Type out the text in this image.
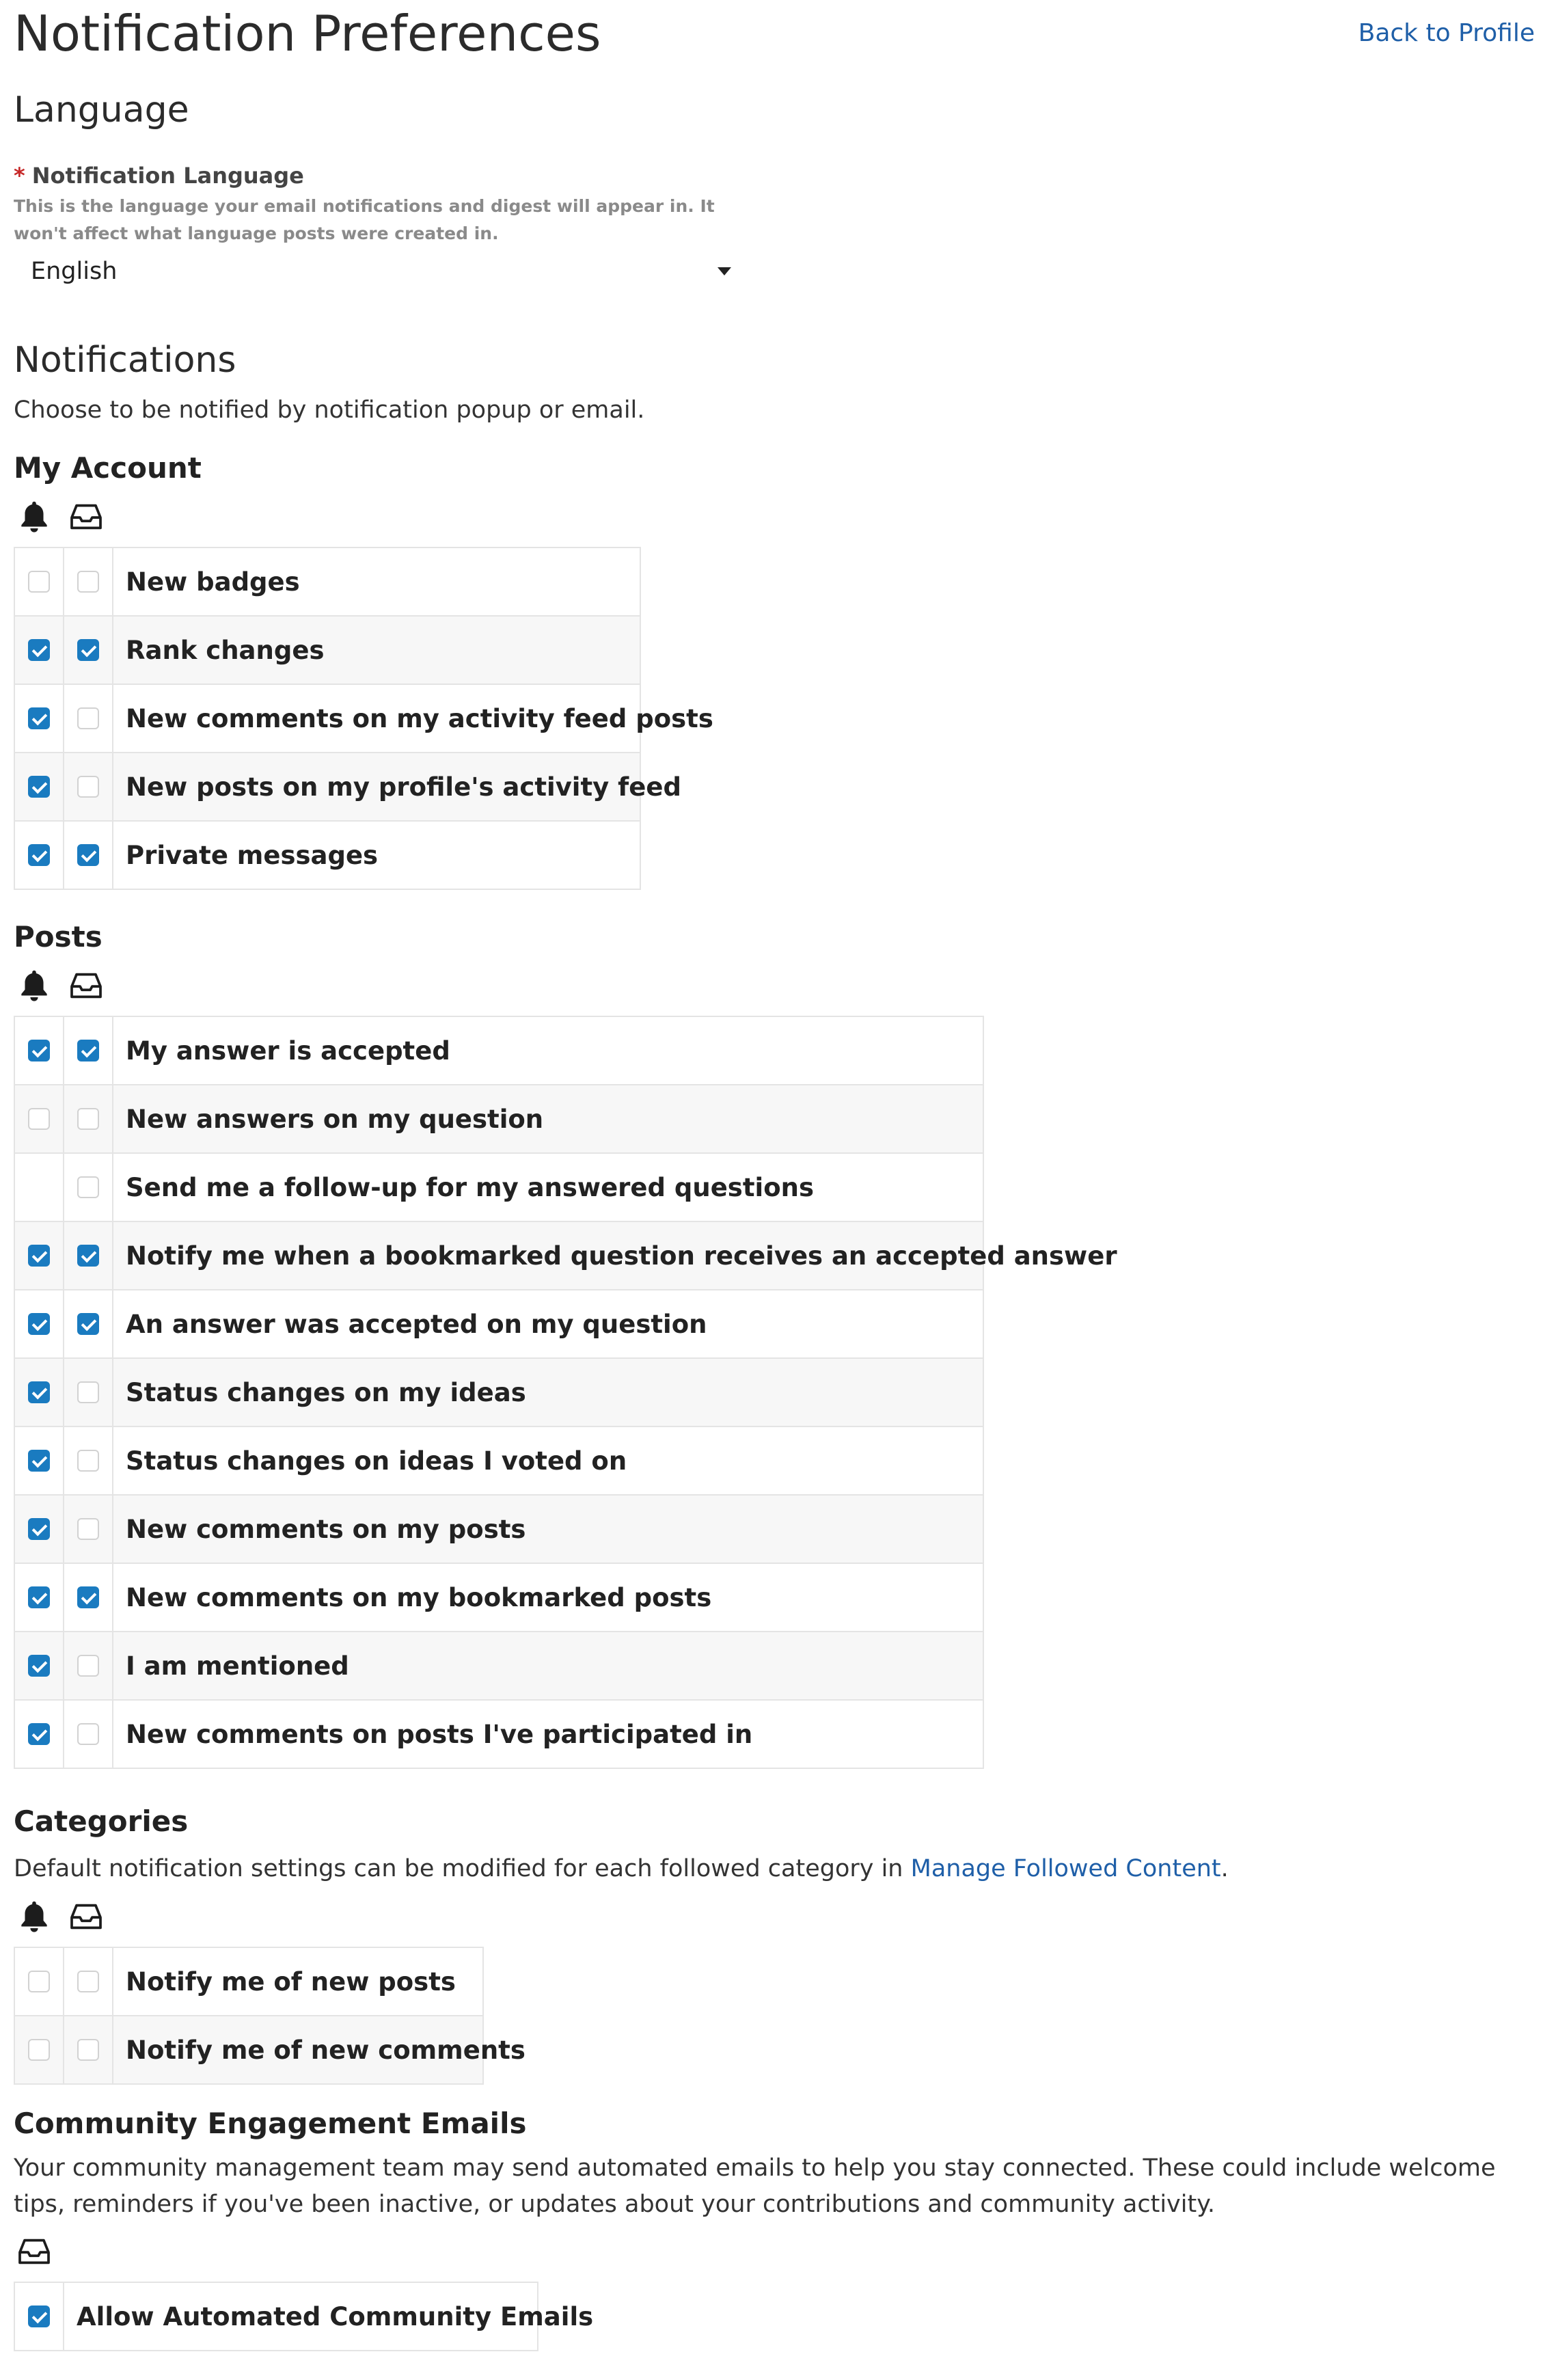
Notification Preferences	Back to Profile
Language
* Notification Language
This is the language your email notifications and digest will appear in. It won't affect what language posts were created in.
English
Notifications
Choose to be notified by notification popup or email.
My Account
		New badges
		Rank changes
		New comments on my activity feed posts
		New posts on my profile's activity feed
		Private messages
Posts
		My answer is accepted
		New answers on my question
		Send me a follow-up for my answered questions
		Notify me when a bookmarked question receives an accepted answer
		An answer was accepted on my question
		Status changes on my ideas
		Status changes on ideas I voted on
		New comments on my posts
		New comments on my bookmarked posts
		I am mentioned
		New comments on posts I've participated in
Categories
Default notification settings can be modified for each followed category in Manage Followed Content.
		Notify me of new posts
		Notify me of new comments
Community Engagement Emails
Your community management team may send automated emails to help you stay connected. These could include welcome tips, reminders if you've been inactive, or updates about your contributions and community activity.
	Allow Automated Community Emails
